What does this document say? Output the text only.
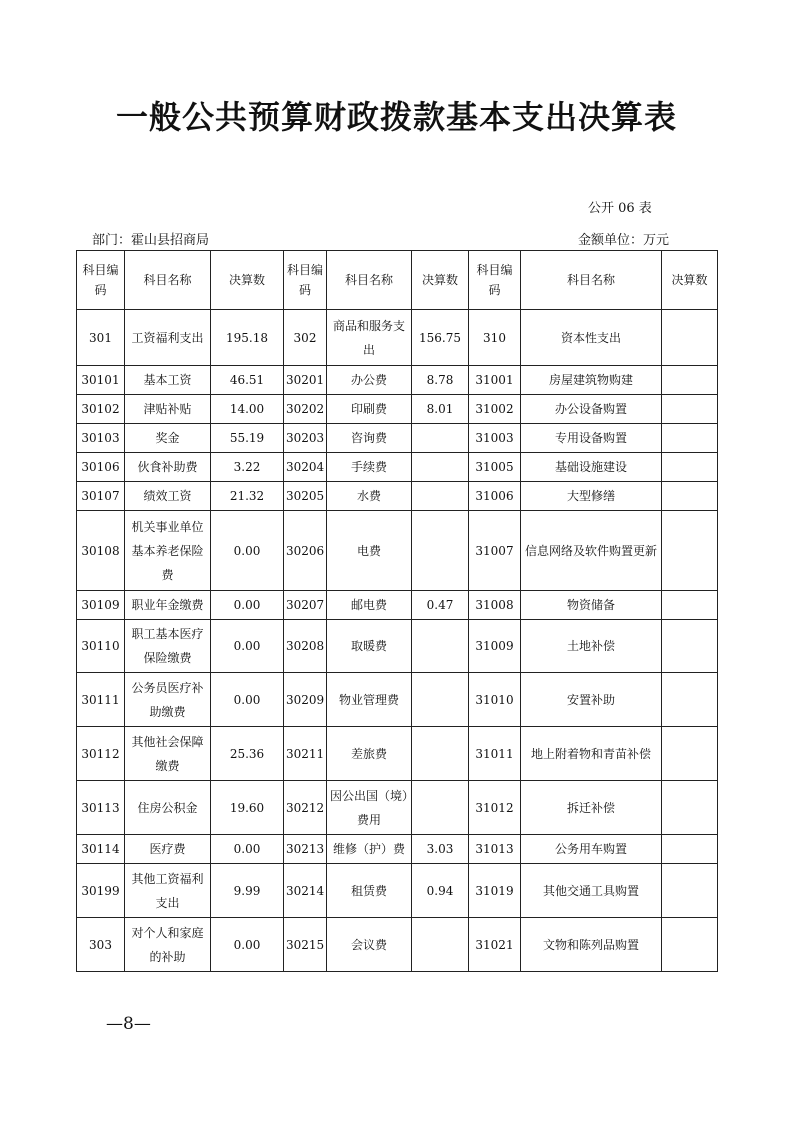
一般公共预算财政拨款基本支出决算表
公开 06 表
部门：霍山县招商局	金额单位：万元
科目编码	科目名称	决算数	科目编码	科目名称	决算数	科目编码	科目名称	决算数
301	工资福利支出	195.18	302	商品和服务支出	156.75	310	资本性支出	
30101	基本工资	46.51	30201	办公费	8.78	31001	房屋建筑物购建	
30102	津贴补贴	14.00	30202	印刷费	8.01	31002	办公设备购置	
30103	奖金	55.19	30203	咨询费		31003	专用设备购置	
30106	伙食补助费	3.22	30204	手续费		31005	基础设施建设	
30107	绩效工资	21.32	30205	水费		31006	大型修缮	
30108	机关事业单位基本养老保险费	0.00	30206	电费		31007	信息网络及软件购置更新	
30109	职业年金缴费	0.00	30207	邮电费	0.47	31008	物资储备	
30110	职工基本医疗保险缴费	0.00	30208	取暖费		31009	土地补偿	
30111	公务员医疗补助缴费	0.00	30209	物业管理费		31010	安置补助	
30112	其他社会保障缴费	25.36	30211	差旅费		31011	地上附着物和青苗补偿	
30113	住房公积金	19.60	30212	因公出国（境）费用		31012	拆迁补偿	
30114	医疗费	0.00	30213	维修（护）费	3.03	31013	公务用车购置	
30199	其他工资福利支出	9.99	30214	租赁费	0.94	31019	其他交通工具购置	
303	对个人和家庭的补助	0.00	30215	会议费		31021	文物和陈列品购置	
—8—
